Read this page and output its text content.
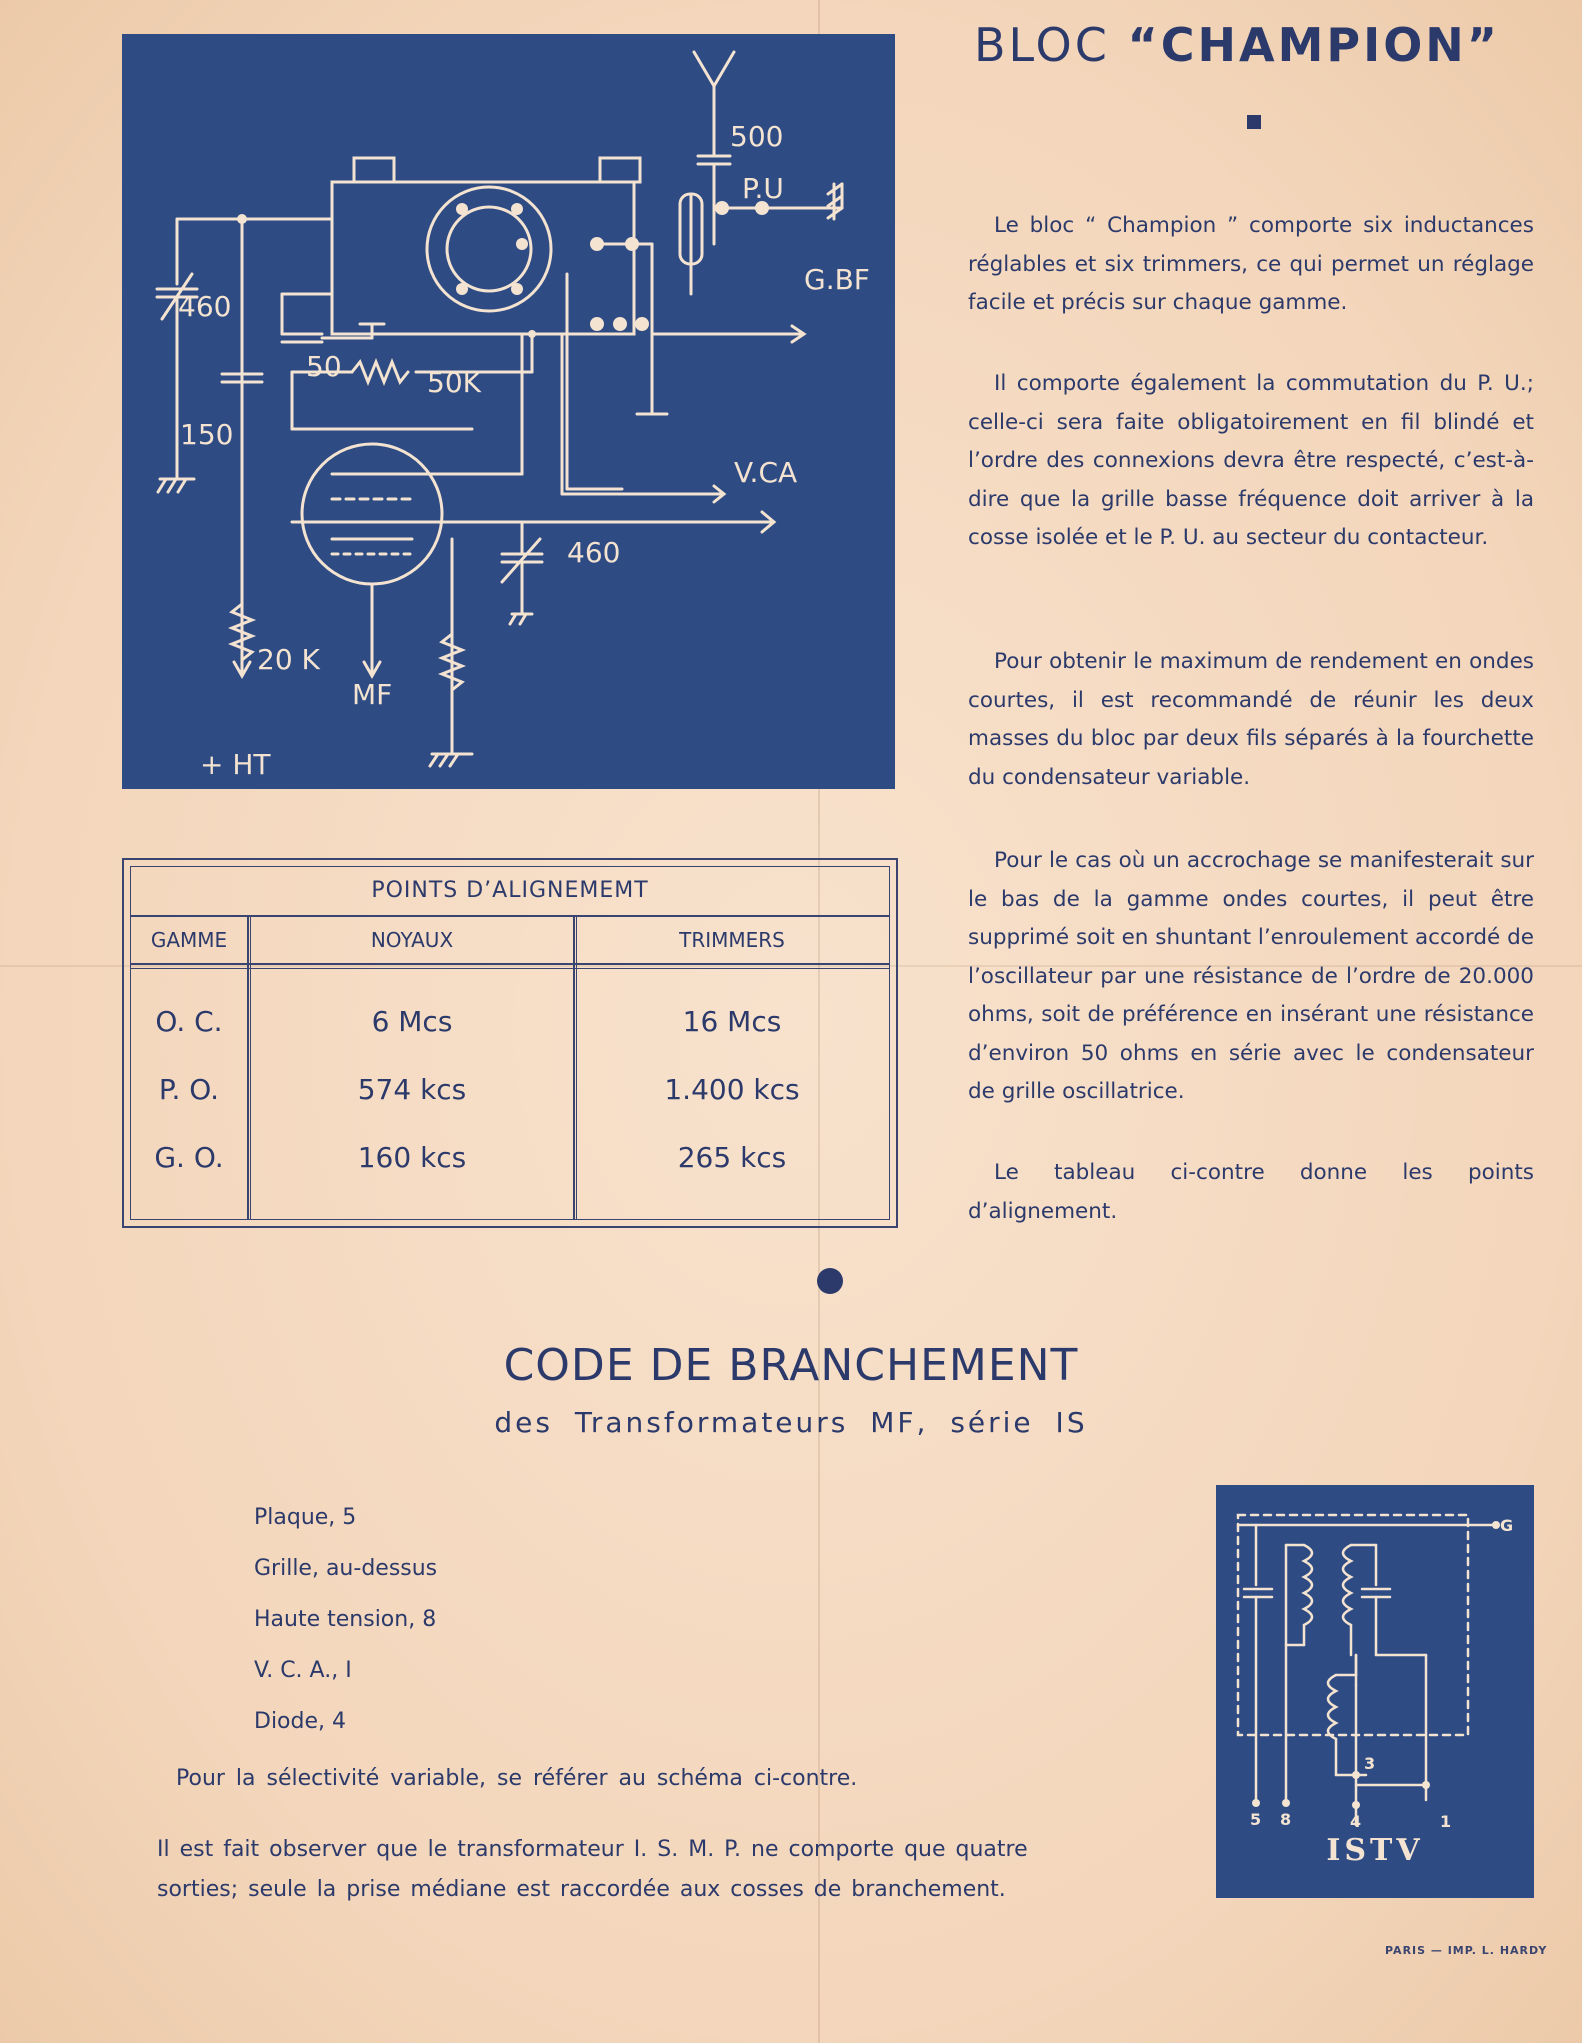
500
P.U
G.BF
460
50	50K
150
V.CA
460
20 K
MF
+ HT
BLOC “CHAMPION”

Le bloc “ Champion ” comporte six inductances réglables et six trimmers, ce qui permet un réglage facile et précis sur chaque gamme.

Il comporte également la commutation du P. U.; celle-ci sera faite obligatoirement en fil blindé et l’ordre des connexions devra être respecté, c’est-à-dire que la grille basse fréquence doit arriver à la cosse isolée et le P. U. au secteur du contacteur.

Pour obtenir le maximum de rendement en ondes courtes, il est recommandé de réunir les deux masses du bloc par deux fils séparés à la fourchette du condensateur variable.

Pour le cas où un accrochage se manifesterait sur le bas de la gamme ondes courtes, il peut être supprimé soit en shuntant l’enroulement accordé de l’oscillateur par une résistance de l’ordre de 20.000 ohms, soit de préférence en insérant une résistance d’environ 50 ohms en série avec le condensateur de grille oscillatrice.

Le tableau ci-contre donne les points d’alignement.

POINTS D’ALIGNEMEMT
GAMME	NOYAUX	TRIMMERS
O. C.	6 Mcs	16 Mcs
P. O.	574 kcs	1.400 kcs
G. O.	160 kcs	265 kcs
CODE DE BRANCHEMENT
des Transformateurs MF, série IS
Plaque, 5
Grille, au-dessus
Haute tension, 8
V. C. A., I
Diode, 4
Pour la sélectivité variable, se référer au schéma ci-contre.
Il est fait observer que le transformateur I. S. M. P. ne comporte que quatre
sorties; seule la prise médiane est raccordée aux cosses de branchement.
G
5 8
3
4	1
ISTV
PARIS — IMP. L. HARDY
